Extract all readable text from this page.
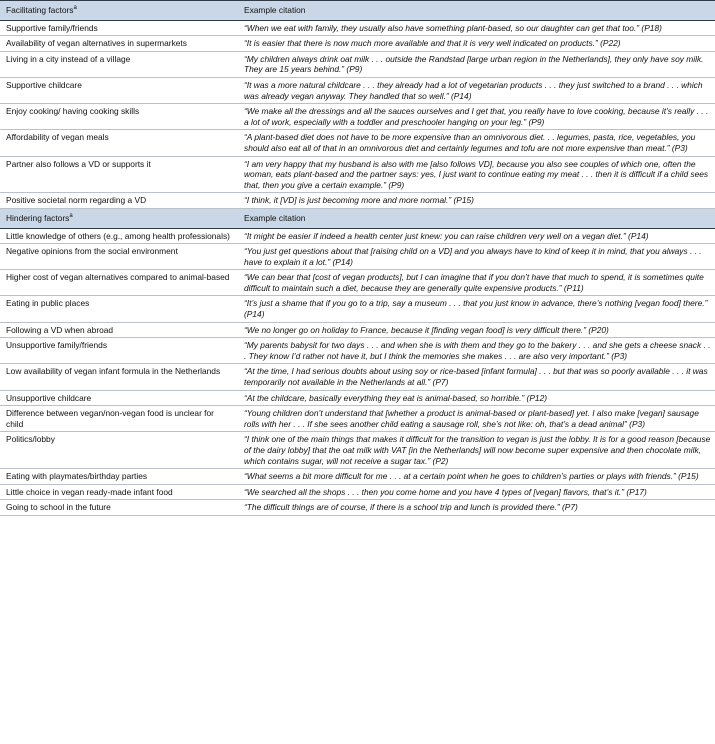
Facilitating factors$^a$	Example citation
Supportive family/friends	“When we eat with family, they usually also have something plant-based, so our daughter can get that too.” (P18)
Availability of vegan alternatives in supermarkets	“It is easier that there is now much more available and that it is very well indicated on products.” (P22)
Living in a city instead of a village	“My children always drink oat milk . . . outside the Randstad [large urban region in the Netherlands], they only have soy milk. They are 15 years behind.” (P9)
Supportive childcare	“It was a more natural childcare . . . they already had a lot of vegetarian products . . . they just switched to a brand . . . which was already vegan anyway. They handled that so well.” (P14)
Enjoy cooking/ having cooking skills	“We make all the dressings and all the sauces ourselves and I get that, you really have to love cooking, because it’s really . . . a lot of work, especially with a toddler and preschooler hanging on your leg.” (P9)
Affordability of vegan meals	“A plant-based diet does not have to be more expensive than an omnivorous diet. . . legumes, pasta, rice, vegetables, you should also eat all of that in an omnivorous diet and certainly legumes and tofu are not more expensive than meat.” (P3)
Partner also follows a VD or supports it	“I am very happy that my husband is also with me [also follows VD], because you also see couples of which one, often the woman, eats plant-based and the partner says: yes, I just want to continue eating my meat . . . then it is difficult if a child sees that, then you give a certain example.” (P9)
Positive societal norm regarding a VD	“I think, it [VD] is just becoming more and more normal.” (P15)
Hindering factors$^a$	Example citation
Little knowledge of others (e.g., among health professionals)	“It might be easier if indeed a health center just knew: you can raise children very well on a vegan diet.” (P14)
Negative opinions from the social environment	“You just get questions about that [raising child on a VD] and you always have to kind of keep it in mind, that you always . . . have to explain it a lot.” (P14)
Higher cost of vegan alternatives compared to animal-based	“We can bear that [cost of vegan products], but I can imagine that if you don’t have that much to spend, it is sometimes quite difficult to maintain such a diet, because they are generally quite expensive products.” (P11)
Eating in public places	“It’s just a shame that if you go to a trip, say a museum . . . that you just know in advance, there’s nothing [vegan food] there.” (P14)
Following a VD when abroad	“We no longer go on holiday to France, because it [finding vegan food] is very difficult there.” (P20)
Unsupportive family/friends	“My parents babysit for two days . . . and when she is with them and they go to the bakery . . . and she gets a cheese snack . . . They know I’d rather not have it, but I think the memories she makes . . . are also very important.” (P3)
Low availability of vegan infant formula in the Netherlands	“At the time, I had serious doubts about using soy or rice-based [infant formula] . . . but that was so poorly available . . . it was temporarily not available in the Netherlands at all.” (P7)
Unsupportive childcare	“At the childcare, basically everything they eat is animal-based, so horrible.” (P12)
Difference between vegan/non-vegan food is unclear for child	“Young children don’t understand that [whether a product is animal-based or plant-based] yet. I also make [vegan] sausage rolls with her . . . If she sees another child eating a sausage roll, she’s not like: oh, that’s a dead animal” (P3)
Politics/lobby	“I think one of the main things that makes it difficult for the transition to vegan is just the lobby. It is for a good reason [because of the dairy lobby] that the oat milk with VAT [in the Netherlands] will now become super expensive and then chocolate milk, which contains sugar, will not receive a sugar tax.” (P2)
Eating with playmates/birthday parties	“What seems a bit more difficult for me . . . at a certain point when he goes to children’s parties or plays with friends.” (P15)
Little choice in vegan ready-made infant food	“We searched all the shops . . . then you come home and you have 4 types of [vegan] flavors, that’s it.” (P17)
Going to school in the future	“The difficult things are of course, if there is a school trip and lunch is provided there.” (P7)
